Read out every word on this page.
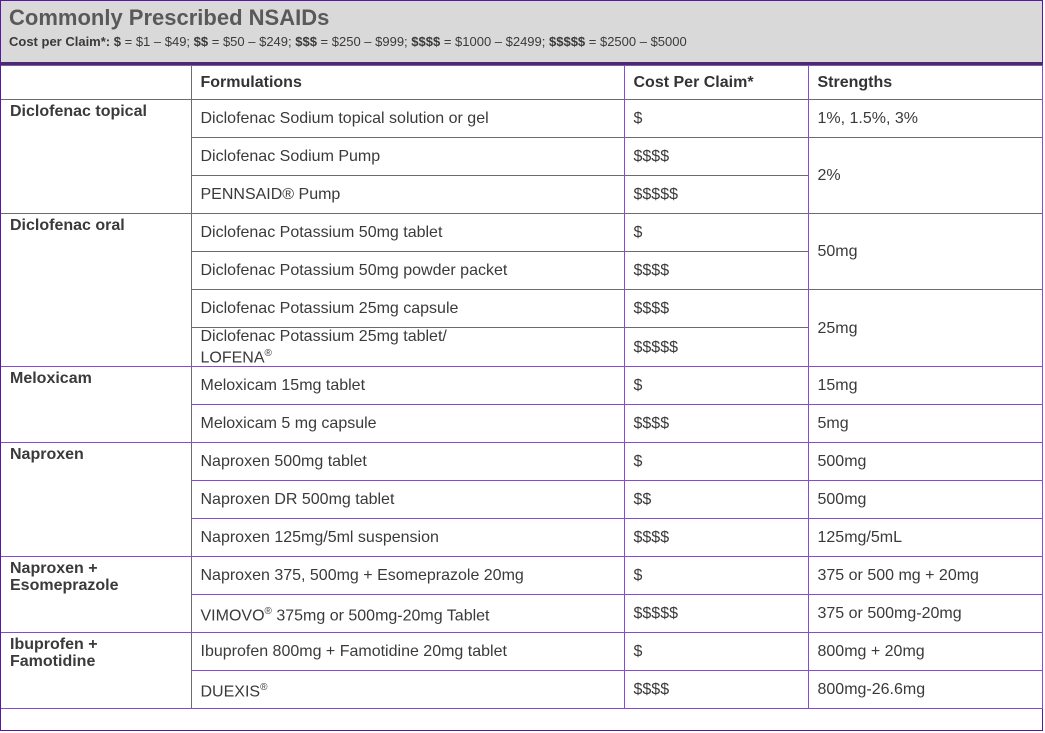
Commonly Prescribed NSAIDs
Cost per Claim*: $ = $1 – $49; $$ = $50 – $249; $$$ = $250 – $999; $$$$ = $1000 – $2499; $$$$$ = $2500 – $5000
	Formulations	Cost Per Claim*	Strengths
Diclofenac topical	Diclofenac Sodium topical solution or gel	$	1%, 1.5%, 3%
	Diclofenac Sodium Pump	$$$$	2%
	PENNSAID® Pump	$$$$$	
Diclofenac oral	Diclofenac Potassium 50mg tablet	$	50mg
	Diclofenac Potassium 50mg powder packet	$$$$	
	Diclofenac Potassium 25mg capsule	$$$$	25mg
	Diclofenac Potassium 25mg tablet/
LOFENA®	$$$$$	
Meloxicam	Meloxicam 15mg tablet	$	15mg
	Meloxicam 5 mg capsule	$$$$	5mg
Naproxen	Naproxen 500mg tablet	$	500mg
	Naproxen DR 500mg tablet	$$	500mg
	Naproxen 125mg/5ml suspension	$$$$	125mg/5mL
Naproxen + Esomeprazole	Naproxen 375, 500mg + Esomeprazole 20mg	$	375 or 500 mg + 20mg
	VIMOVO® 375mg or 500mg-20mg Tablet	$$$$$	375 or 500mg-20mg
Ibuprofen + Famotidine	Ibuprofen 800mg + Famotidine 20mg tablet	$	800mg + 20mg
	DUEXIS®	$$$$	800mg-26.6mg
